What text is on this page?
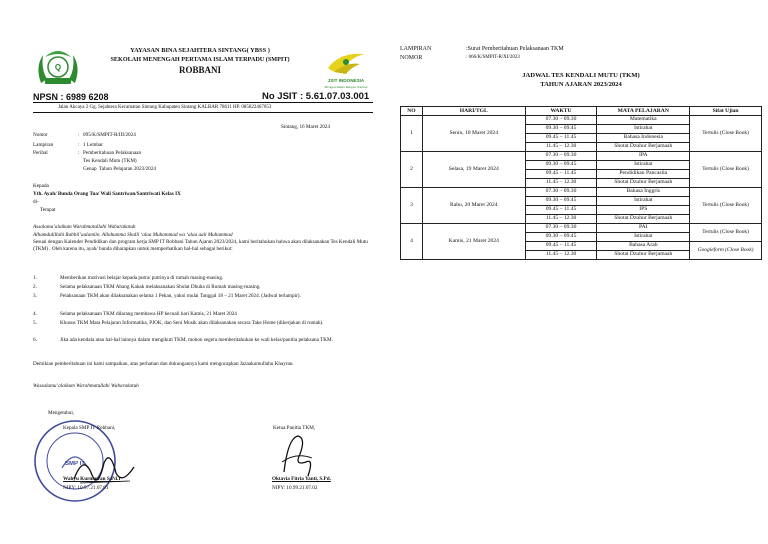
Q
JSIT INDONESIA
Menggerakkan Bangsa Sekolah
YAYASAN BINA SEJAHTERA SINTANG( YBSS )
SEKOLAH MENENGAH PERTAMA ISLAM TERPADU (SMPIT)
ROBBANI
NPSN : 6989 6208	No JSIT : 5.61.07.03.001
Jalan Akcaya 2 Gg. Sejahtera Kecamatan Sintang Kabupaten Sintang KALBAR 78611 HP. 085822467053
Sintang, 16 Maret 2024
Nomor	: 095/K/SMPIT-R/III/2024
Lampiran	: 1 Lembar
Perihal	: Pemberitahuan Pelaksanaan
Tes Kendali Mutu (TKM)
Genap  Tahun Pelajaran 2023/2024
Kepada
Yth. Ayah/ Bunda Orang Tua/ Wali Santriwan/Santriwati Kelas IX
di-
Tempat
Assalamu’alaikum Warahmatullahi Wabarakatuh
Alhamdulillahi Rabbil’aalamiin. Allahumma Shalli ‘alaa Muhammad wa ‘alaa aali Muhammad
Sesuai dengan Kalender Pendidikan dan program kerja SMP IT Robbani Tahun Ajaran 2023/2024, kami beritahukan bahwa akan dilaksanakan Tes Kendali Mutu (TKM) . Oleh karena itu, ayah/ bunda diharapkan untuk memperhatikan hal-hal sebagai berikut:
1.	Memberikan motivasi belajar kepada putra/ putrinya di rumah masing-masing.
2.	Selama pelaksanaan TKM Abang Kakak melaksanakan Sholat Dhuha di Rumah masing-masing.
3.	Pelaksanaan TKM akan dilaksanakan selama 1 Pekan, yakni mulai Tanggal 18 – 21 Maret 2024. (Jadwal terlampir).
4.	Selama pelaksanaan TKM dilarang membawa HP kecuali hari Kamis, 21 Maret 2024
5.	Khusus TKM Mata Pelajaran Informatika, PJOK, dan Seni Musik akan dilaksanakan secara Take Home (dikerjakan di rumah).
6.	Jika ada kendala atau hal-hal lainnya dalam mengikuti TKM, mohon segera memberitahukan ke wali kelas/panitia pelaksana TKM.
Demikian pemberitahuan ini kami sampaikan, atas perhatian dan dukungannya kami mengucapkan Jazaakumullahu Khayran.
Wassalamu’alaikum Warahmatullahi Wabarakatuh
Mengetahui,
Kepala SMP IT Robbani,	Ketua Panitia TKM,
SMP IT
Wahyu Kurniawan S.Pd.I
NIPY: 10.97.21.07.01
Oktavia Fitria Yanti, S.Pd.
NIPY: 10.99.21.07.02
LAMPIRAN	:Surat Pemberitahuan Pelaksanaan TKM
NOMOR	: 066/K/SMPIT-R/XI/2023
JADWAL TES KENDALI MUTU (TKM)
TAHUN AJARAN 2023/2024
NO	HARI/TGL	WAKTU	MATA PELAJARAN	Sifat Ujian
1	Senin, 18 Maret 2024	07.30 – 09.30	Matematika	Tertulis (Close Book)
		09.30 – 09.45	Istirahat	
		09.45 – 11.45	Bahasa Indonesia	
		11.45 – 12.30	Shotat Dzuhur Berjamaah	
2	Selasa, 19 Maret 2024	07.30 – 09.30	IPA	Tertulis (Close Book)
		09.30 – 09.45	Istirahat	
		09.45 – 11.45	Pendidikan Pancasila	
		11.45 – 12.30	Shotat Dzuhur Berjamaah	
3	Rabu, 20 Maret 2024	07.30 – 09.30	Bahasa Inggris	Tertulis (Close Book)
		09.30 – 09.45	Istirahat	
		09.45 – 11.45	IPS	
		11.45 – 12.30	Shotat Dzuhur Berjamaah	
4	Kamis, 21 Maret 2024	07.30 – 09.30	PAI	Tertulis (Close Book)
		09.30 – 09.45	Istirahat	
		09.45 – 11.45	Bahasa Arab	Googleform (Close Book)
		11.45 – 12.30	Shotat Dzuhur Berjamaah	
